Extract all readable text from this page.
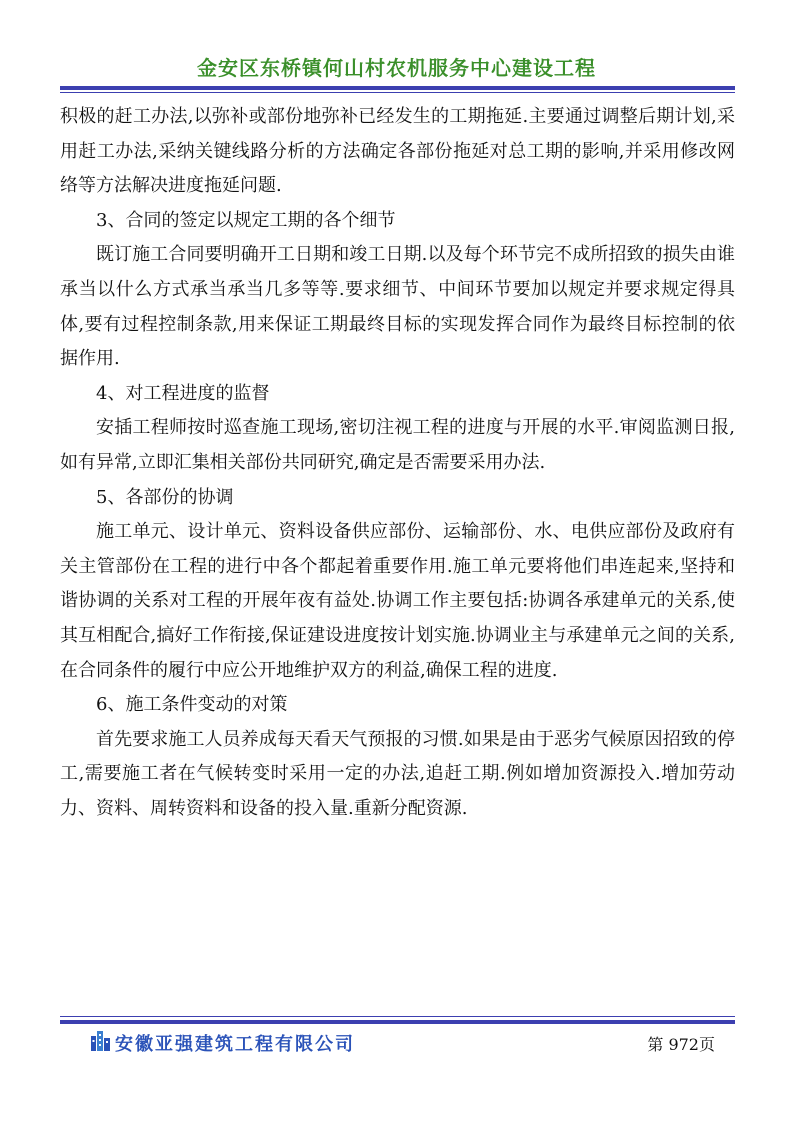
金安区东桥镇何山村农机服务中心建设工程

积极的赶工办法,以弥补或部份地弥补已经发生的工期拖延.主要通过调整后期计划,采用赶工办法,采纳关键线路分析的方法确定各部份拖延对总工期的影响,并采用修改网络等方法解决进度拖延问题.

3、合同的签定以规定工期的各个细节

既订施工合同要明确开工日期和竣工日期.以及每个环节完不成所招致的损失由谁承当以什么方式承当承当几多等等.要求细节、中间环节要加以规定并要求规定得具体,要有过程控制条款,用来保证工期最终目标的实现发挥合同作为最终目标控制的依据作用.

4、对工程进度的监督

安插工程师按时巡查施工现场,密切注视工程的进度与开展的水平.审阅监测日报,如有异常,立即汇集相关部份共同研究,确定是否需要采用办法.

5、各部份的协调

施工单元、设计单元、资料设备供应部份、运输部份、水、电供应部份及政府有关主管部份在工程的进行中各个都起着重要作用.施工单元要将他们串连起来,坚持和谐协调的关系对工程的开展年夜有益处.协调工作主要包括:协调各承建单元的关系,使其互相配合,搞好工作衔接,保证建设进度按计划实施.协调业主与承建单元之间的关系,在合同条件的履行中应公开地维护双方的利益,确保工程的进度.

6、施工条件变动的对策

首先要求施工人员养成每天看天气预报的习惯.如果是由于恶劣气候原因招致的停工,需要施工者在气候转变时采用一定的办法,追赶工期.例如增加资源投入.增加劳动力、资料、周转资料和设备的投入量.重新分配资源.

安徽亚强建筑工程有限公司	第 972页
